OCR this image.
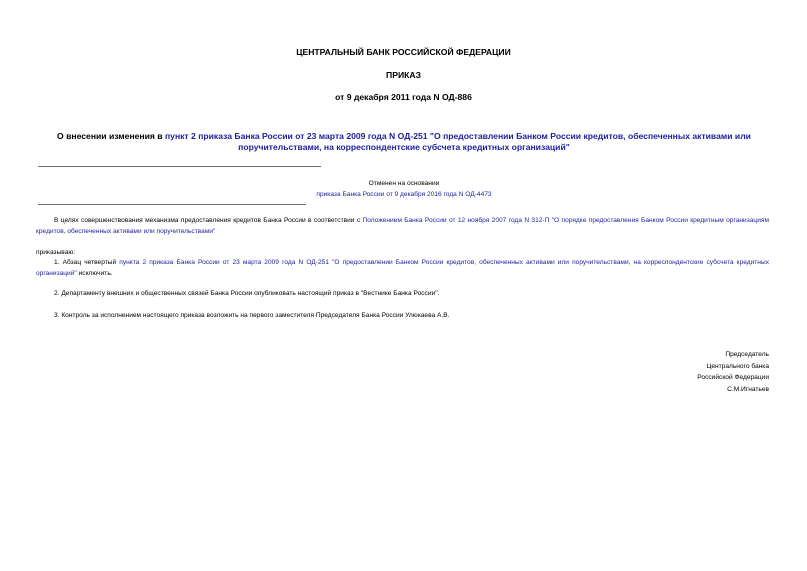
ЦЕНТРАЛЬНЫЙ БАНК РОССИЙСКОЙ ФЕДЕРАЦИИ
ПРИКАЗ
от 9 декабря 2011 года N ОД-886
О внесении изменения в пункт 2 приказа Банка России от 23 марта 2009 года N ОД-251 "О предоставлении Банком России кредитов, обеспеченных активами или поручительствами, на корреспондентские субсчета кредитных организаций"
Отменен на основании
приказа Банка России от 9 декабря 2016 года N ОД-4473
В целях совершенствования механизма предоставления кредитов Банка России в соответствии с Положением Банка России от 12 ноября 2007 года N 312-П "О порядке предоставления Банком России кредитным организациям кредитов, обеспеченных активами или поручительствами"
приказываю:
1. Абзац четвертый пункта 2 приказа Банка России от 23 марта 2009 года N ОД-251 "О предоставлении Банком России кредитов, обеспеченных активами или поручительствами, на корреспондентские субсчета кредитных организаций" исключить.
2. Департаменту внешних и общественных связей Банка России опубликовать настоящий приказ в "Вестнике Банка России".
3. Контроль за исполнением настоящего приказа возложить на первого заместителя Председателя Банка России Улюкаева А.В.
Председатель
Центрального банка
Российской Федерации
С.М.Игнатьев
